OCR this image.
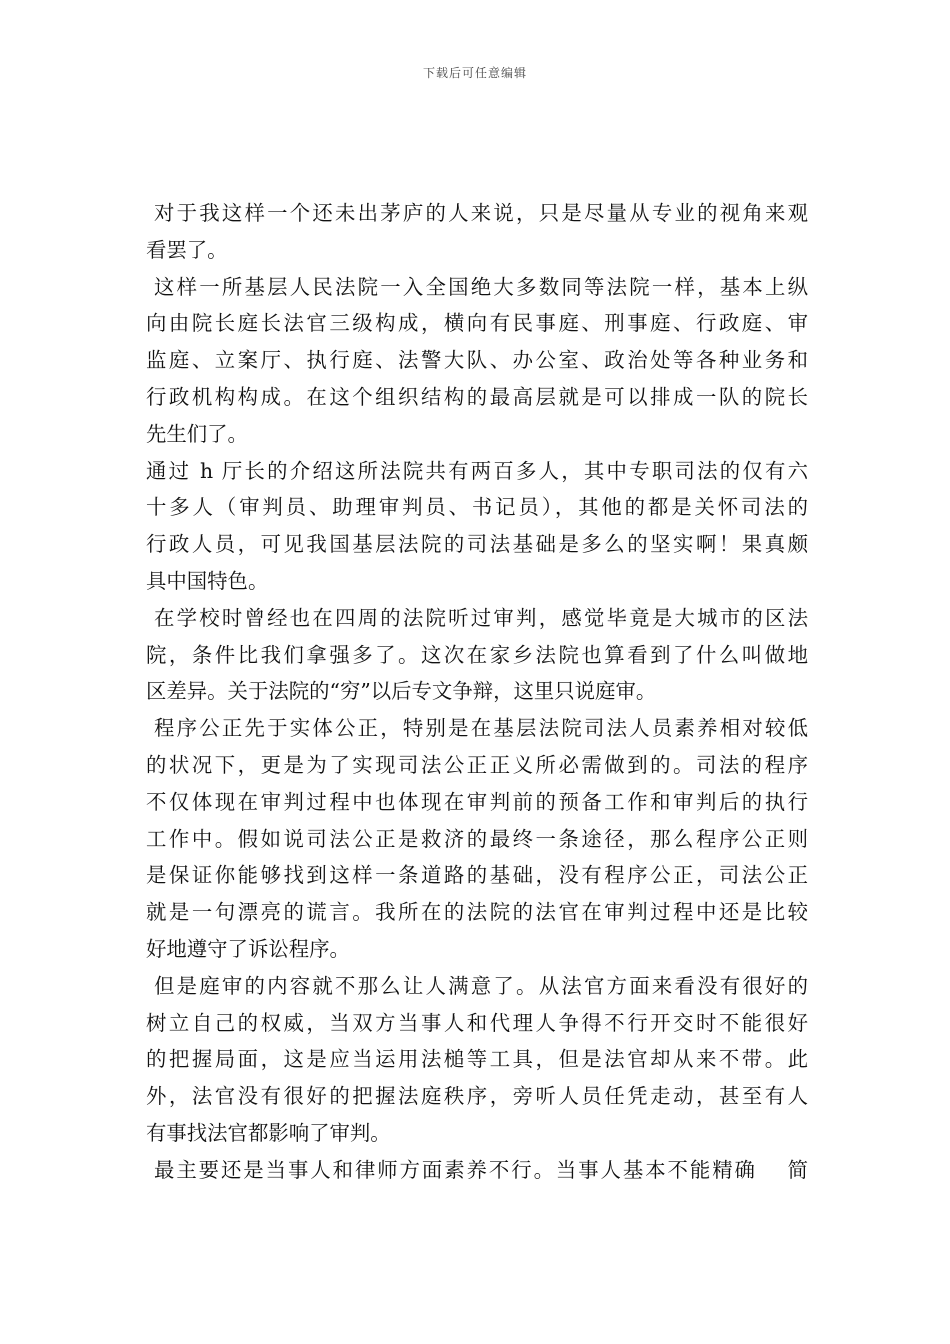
下载后可任意编辑
对于我这样一个还未出茅庐的人来说，只是尽量从专业的视角来观
看罢了。
这样一所基层人民法院一入全国绝大多数同等法院一样，基本上纵
向由院长庭长法官三级构成，横向有民事庭、刑事庭、行政庭、审
监庭、立案厅、执行庭、法警大队、办公室、政治处等各种业务和
行政机构构成。在这个组织结构的最高层就是可以排成一队的院长
先生们了。
通过 h 厅长的介绍这所法院共有两百多人，其中专职司法的仅有六
十多人（审判员、助理审判员、书记员），其他的都是关怀司法的
行政人员，可见我国基层法院的司法基础是多么的坚实啊！果真颇
具中国特色。
在学校时曾经也在四周的法院听过审判，感觉毕竟是大城市的区法
院，条件比我们拿强多了。这次在家乡法院也算看到了什么叫做地
区差异。关于法院的“穷”以后专文争辩，这里只说庭审。
程序公正先于实体公正，特别是在基层法院司法人员素养相对较低
的状况下，更是为了实现司法公正正义所必需做到的。司法的程序
不仅体现在审判过程中也体现在审判前的预备工作和审判后的执行
工作中。假如说司法公正是救济的最终一条途径，那么程序公正则
是保证你能够找到这样一条道路的基础，没有程序公正，司法公正
就是一句漂亮的谎言。我所在的法院的法官在审判过程中还是比较
好地遵守了诉讼程序。
但是庭审的内容就不那么让人满意了。从法官方面来看没有很好的
树立自己的权威，当双方当事人和代理人争得不行开交时不能很好
的把握局面，这是应当运用法槌等工具，但是法官却从来不带。此
外，法官没有很好的把握法庭秩序，旁听人员任凭走动，甚至有人
有事找法官都影响了审判。
最主要还是当事人和律师方面素养不行。当事人基本不能精确　 简
